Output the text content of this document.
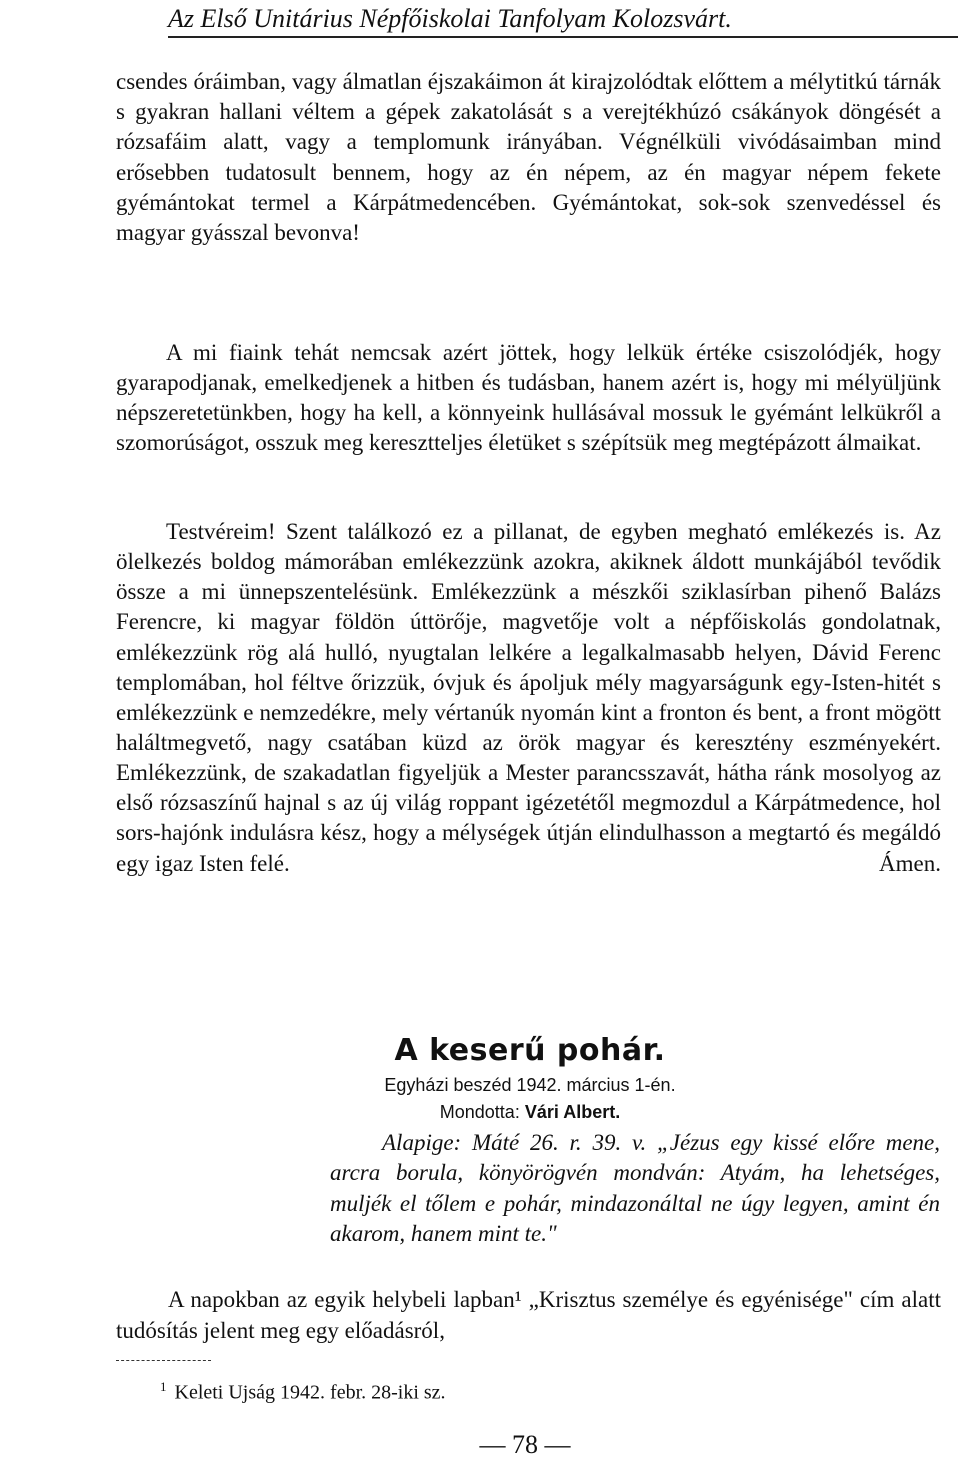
Az Első Unitárius Népfőiskolai Tanfolyam Kolozsvárt.

csendes óráimban, vagy álmatlan éjszakáimon át kirajzolódtak előttem a mélytitkú tárnák s gyakran hallani véltem a gépek zakatolását s a verejtékhúzó csákányok döngését a rózsafáim alatt, vagy a templomunk irányában. Végnélküli vivódásaimban mind erősebben tudatosult bennem, hogy az én népem, az én magyar népem fekete gyémántokat termel a Kárpátmedencében. Gyémántokat, sok-sok szenvedéssel és magyar gyásszal bevonva!

A mi fiaink tehát nemcsak azért jöttek, hogy lelkük értéke csiszolódjék, hogy gyarapodjanak, emelkedjenek a hitben és tudásban, hanem azért is, hogy mi mélyüljünk népszeretetünkben, hogy ha kell, a könnyeink hullásával mossuk le gyémánt lelkükről a szomorúságot, osszuk meg keresztteljes életüket s szépítsük meg megtépázott álmaikat.

Testvéreim! Szent találkozó ez a pillanat, de egyben megható emlékezés is. Az ölelkezés boldog mámorában emlékezzünk azokra, akiknek áldott munkájából tevődik össze a mi ünnepszentelésünk. Emlékezzünk a mészkői sziklasírban pihenő Balázs Ferencre, ki magyar földön úttörője, magvetője volt a népfőiskolás gondolatnak, emlékezzünk rög alá hulló, nyugtalan lelkére a legalkalmasabb helyen, Dávid Ferenc templomában, hol féltve őrizzük, óvjuk és ápoljuk mély magyarságunk egy-Isten-hitét s emlékezzünk e nemzedékre, mely vértanúk nyomán kint a fronton és bent, a front mögött haláltmegvető, nagy csatában küzd az örök magyar és keresztény eszményekért. Emlékezzünk, de szakadatlan figyeljük a Mester parancsszavát, hátha ránk mosolyog az első rózsaszínű hajnal s az új világ roppant igézetétől megmozdul a Kárpátmedence, hol sors-hajónk indulásra kész, hogy a mélységek útján elindulhasson a megtartó és megáldó egy igaz Isten felé.	Ámen.

A keserű pohár.
Egyházi beszéd 1942. március 1-én.
Mondotta: Vári Albert.

Alapige: Máté 26. r. 39. v. „Jézus egy kissé előre mene, arcra borula, könyörögvén mondván: Atyám, ha lehetséges, muljék el tőlem e pohár, mindazonáltal ne úgy legyen, amint én akarom, hanem mint te."

A napokban az egyik helybeli lapban¹ „Krisztus személye és egyénisége" cím alatt tudósítás jelent meg egy előadásról,

$^1$ Keleti Ujság 1942. febr. 28-iki sz.
— 78 —
